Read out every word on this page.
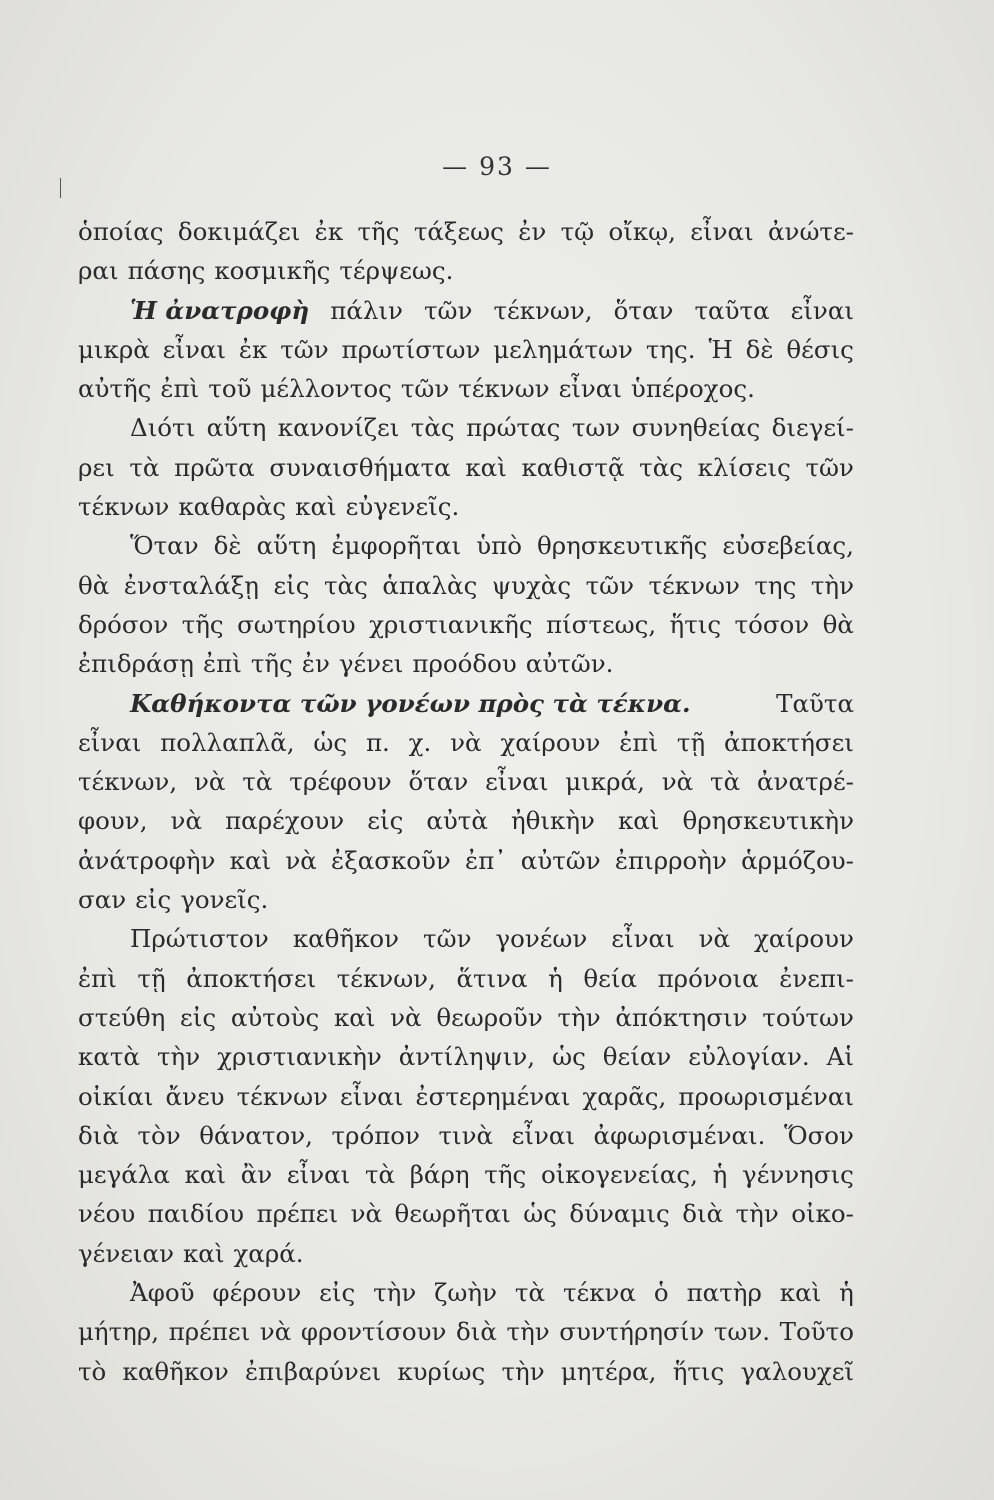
— 93 —
ὁποίας δοκιμάζει ἐκ τῆς τάξεως ἐν τῷ οἴκῳ, εἶναι ἀνώτε-
ραι πάσης κοσμικῆς τέρψεως.
Ἡ ἀνατροφὴ πάλιν τῶν τέκνων, ὅταν ταῦτα εἶναι
μικρὰ εἶναι ἐκ τῶν πρωτίστων μελημάτων της. Ἡ δὲ θέσις
αὐτῆς ἐπὶ τοῦ μέλλοντος τῶν τέκνων εἶναι ὑπέροχος.
Διότι αὕτη κανονίζει τὰς πρώτας των συνηθείας διεγεί-
ρει τὰ πρῶτα συναισθήματα καὶ καθιστᾷ τὰς κλίσεις τῶν
τέκνων καθαρὰς καὶ εὐγενεῖς.
Ὅταν δὲ αὕτη ἐμφορῆται ὑπὸ θρησκευτικῆς εὐσεβείας,
θὰ ἐνσταλάξῃ εἰς τὰς ἁπαλὰς ψυχὰς τῶν τέκνων της τὴν
δρόσον τῆς σωτηρίου χριστιανικῆς πίστεως, ἥτις τόσον θὰ
ἐπιδράσῃ ἐπὶ τῆς ἐν γένει προόδου αὐτῶν.
Καθήκοντα τῶν γονέων πρὸς τὰ τέκνα.	Ταῦτα
εἶναι πολλαπλᾶ, ὡς π. χ. νὰ χαίρουν ἐπὶ τῇ ἀποκτήσει
τέκνων, νὰ τὰ τρέφουν ὅταν εἶναι μικρά, νὰ τὰ ἀνατρέ-
φουν, νὰ παρέχουν εἰς αὐτὰ ἠθικὴν καὶ θρησκευτικὴν
ἀνάτροφὴν καὶ νὰ ἐξασκοῦν ἐπ᾽ αὐτῶν ἐπιρροὴν ἁρμόζου-
σαν εἰς γονεῖς.
Πρώτιστον καθῆκον τῶν γονέων εἶναι νὰ χαίρουν
ἐπὶ τῇ ἀποκτήσει τέκνων, ἅτινα ἡ θεία πρόνοια ἐνεπι-
στεύθη εἰς αὐτοὺς καὶ νὰ θεωροῦν τὴν ἀπόκτησιν τούτων
κατὰ τὴν χριστιανικὴν ἀντίληψιν, ὡς θείαν εὐλογίαν. Αἱ
οἰκίαι ἄνευ τέκνων εἶναι ἐστερημέναι χαρᾶς, προωρισμέναι
διὰ τὸν θάνατον, τρόπον τινὰ εἶναι ἀφωρισμέναι. Ὅσον
μεγάλα καὶ ἂν εἶναι τὰ βάρη τῆς οἰκογενείας, ἡ γέννησις
νέου παιδίου πρέπει νὰ θεωρῆται ὡς δύναμις διὰ τὴν οἰκο-
γένειαν καὶ χαρά.
Ἀφοῦ φέρουν εἰς τὴν ζωὴν τὰ τέκνα ὁ πατὴρ καὶ ἡ
μήτηρ, πρέπει νὰ φροντίσουν διὰ τὴν συντήρησίν των. Τοῦτο
τὸ καθῆκον ἐπιβαρύνει κυρίως τὴν μητέρα, ἥτις γαλουχεῖ
